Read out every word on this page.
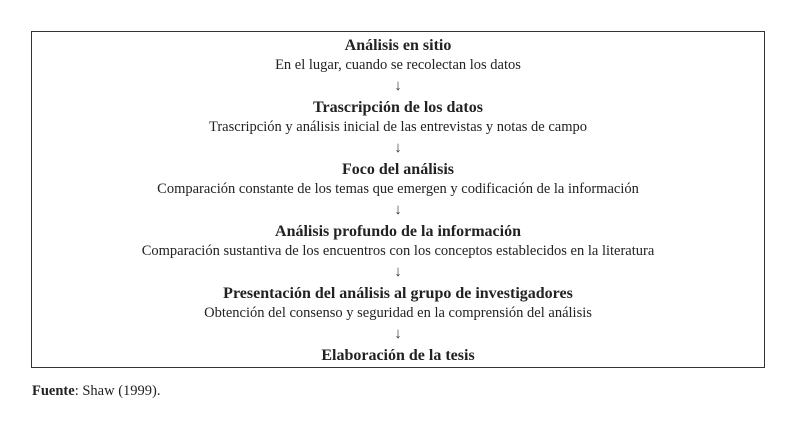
Análisis en sitio
En el lugar, cuando se recolectan los datos
↓
Trascripción de los datos
Trascripción y análisis inicial de las entrevistas y notas de campo
↓
Foco del análisis
Comparación constante de los temas que emergen y codificación de la información
↓
Análisis profundo de la información
Comparación sustantiva de los encuentros con los conceptos establecidos en la literatura
↓
Presentación del análisis al grupo de investigadores
Obtención del consenso y seguridad en la comprensión del análisis
↓
Elaboración de la tesis
Fuente: Shaw (1999).
